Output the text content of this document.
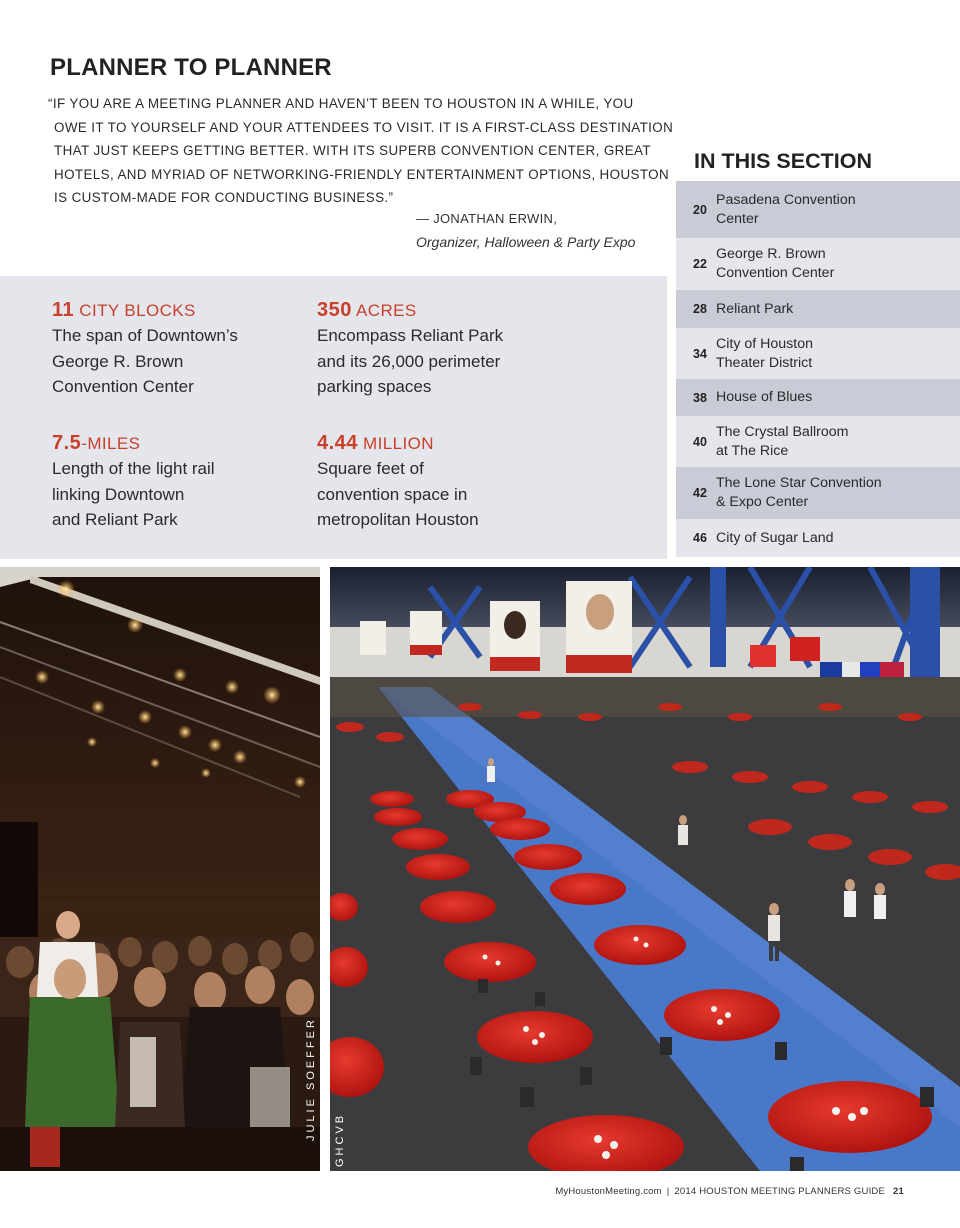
PLANNER TO PLANNER
“IF YOU ARE A MEETING PLANNER AND HAVEN’T BEEN TO HOUSTON IN A WHILE, YOU
OWE IT TO YOURSELF AND YOUR ATTENDEES TO VISIT. IT IS A FIRST-CLASS DESTINATION
THAT JUST KEEPS GETTING BETTER. WITH ITS SUPERB CONVENTION CENTER, GREAT
HOTELS, AND MYRIAD OF NETWORKING-FRIENDLY ENTERTAINMENT OPTIONS, HOUSTON
IS CUSTOM-MADE FOR CONDUCTING BUSINESS.”
— JONATHAN ERWIN,
Organizer, Halloween & Party Expo
11 CITY BLOCKS
The span of Downtown’s
George R. Brown
Convention Center
350 ACRES
Encompass Reliant Park
and its 26,000 perimeter
parking spaces
7.5-MILES
Length of the light rail
linking Downtown
and Reliant Park
4.44 MILLION
Square feet of
convention space in
metropolitan Houston
IN THIS SECTION
20
Pasadena Convention
Center
22
George R. Brown
Convention Center
28 Reliant Park
34
City of Houston
Theater District
38 House of Blues
40
The Crystal Ballroom
at The Rice
42
The Lone Star Convention
& Expo Center
46 City of Sugar Land
JULIE SOEFFER GHCVB
MyHoustonMeeting.com | 2014 HOUSTON MEETING PLANNERS GUIDE 21
